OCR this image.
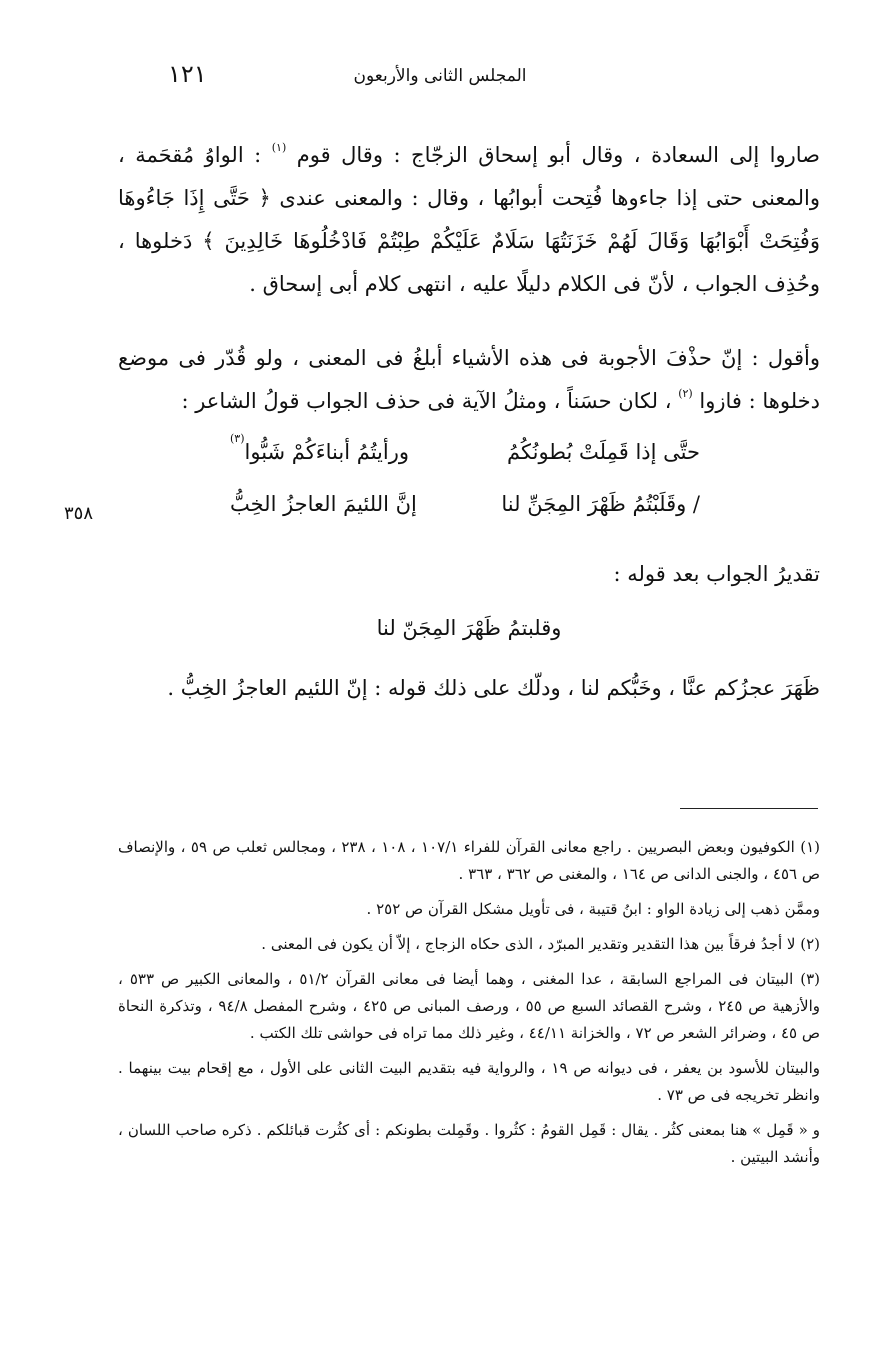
المجلس الثانى والأربعون
١٢١
٣٥٨

صاروا إلى السعادة ، وقال أبو إسحاق الزجّاج : وقال قوم $^{(١)}$ : الواوُ مُقحَمة ، والمعنى حتى إذا جاءوها فُتِحت أبوابُها ، وقال : والمعنى عندى ﴿ حَتَّى إِذَا جَاءُوهَا وَفُتِحَتْ أَبْوَابُهَا وَقَالَ لَهُمْ خَزَنَتُهَا سَلَامٌ عَلَيْكُمْ طِبْتُمْ فَادْخُلُوهَا خَالِدِينَ ﴾ دَخلوها ، وحُذِف الجواب ، لأنّ فى الكلام دليلًا عليه ، انتهى كلام أبى إسحاق .

وأقول : إنّ حذْفَ الأجوبة فى هذه الأشياء أبلغُ فى المعنى ، ولو قُدّر فى موضع دخلوها : فازوا $^{(٢)}$ ، لكان حسَناً ، ومثلُ الآية فى حذف الجواب قولُ الشاعر :

حتَّى إذا قَمِلَتْ بُطونُكُمُ
ورأيتُمُ أبناءَكُمْ شَبُّوا$^{(٣)}$
/ وقَلَبْتُمُ ظَهْرَ المِجَنِّ لنا
إنَّ اللئيمَ العاجزُ الخِبُّ

تقديرُ الجواب بعد قوله :

وقلبتمُ ظَهْرَ المِجَنّ لنا

ظَهَرَ عجزُكم عنَّا ، وخَبُّكم لنا ، ودلّك على ذلك قوله : إنّ اللئيم العاجزُ الخِبُّ .

(١) الكوفيون وبعض البصريين . راجع معانى القرآن للفراء ١٠٧/١ ، ١٠٨ ، ٢٣٨ ، ومجالس ثعلب ص ٥٩ ، والإنصاف ص ٤٥٦ ، والجنى الدانى ص ١٦٤ ، والمغنى ص ٣٦٢ ، ٣٦٣ .

وممَّن ذهب إلى زيادة الواو : ابنُ قتيبة ، فى تأويل مشكل القرآن ص ٢٥٢ .

(٢) لا أجدُ فرقاً بين هذا التقدير وتقدير المبرّد ، الذى حكاه الزجاج ، إلاّ أن يكون فى المعنى .

(٣) البيتان فى المراجع السابقة ، عدا المغنى ، وهما أيضا فى معانى القرآن ٥١/٢ ، والمعانى الكبير ص ٥٣٣ ، والأزهية ص ٢٤٥ ، وشرح القصائد السبع ص ٥٥ ، ورصف المبانى ص ٤٢٥ ، وشرح المفصل ٩٤/٨ ، وتذكرة النحاة ص ٤٥ ، وضرائر الشعر ص ٧٢ ، والخزانة ٤٤/١١ ، وغير ذلك مما تراه فى حواشى تلك الكتب .

والبيتان للأسود بن يعفر ، فى ديوانه ص ١٩ ، والرواية فيه بتقديم البيت الثانى على الأول ، مع إقحام بيت بينهما . وانظر تخريجه فى ص ٧٣ .

و « قَمِل » هنا بمعنى كثُر . يقال : قَمِل القومُ : كثُروا . وقَمِلت بطونكم : أى كثُرت قبائلكم . ذكره صاحب اللسان ، وأنشد البيتين .
